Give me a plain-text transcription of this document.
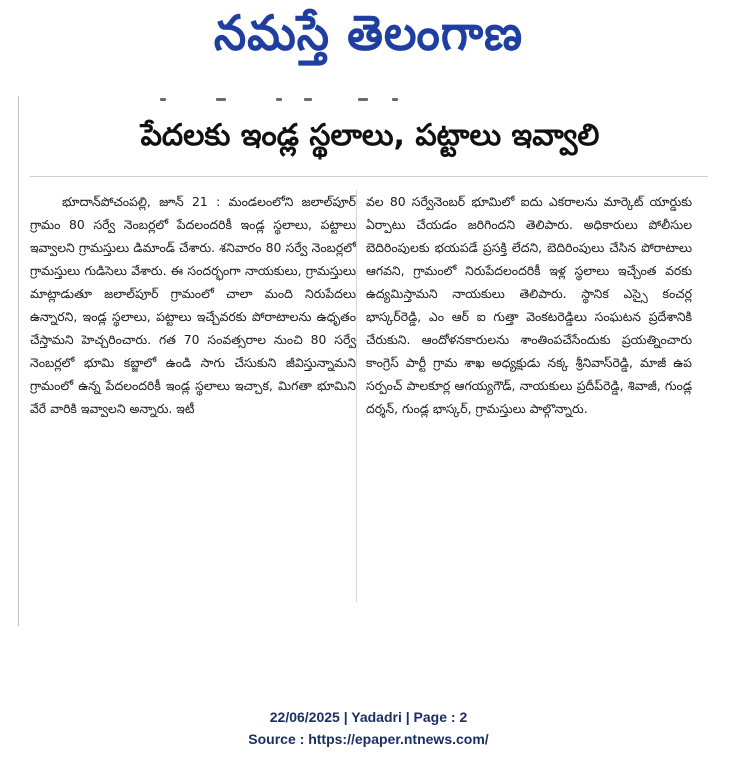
నమస్తే తెలంగాణ
పేదలకు ఇండ్ల స్థలాలు, పట్టాలు ఇవ్వాలి

భూదాన్‌పోచంపల్లి, జూన్ 21 : మండలంలోని జలాల్‌పూర్ గ్రామం 80 సర్వే నెంబర్లలో పేదలందరికీ ఇండ్ల స్థలాలు, పట్టాలు ఇవ్వాలని గ్రామస్తులు డిమాండ్ చేశారు. శనివారం 80 సర్వే నెంబర్లలో గ్రామస్తులు గుడిసెలు వేశారు. ఈ సందర్భంగా నాయకులు, గ్రామస్తులు మాట్లాడుతూ జలాల్‌పూర్ గ్రామంలో చాలా మంది నిరుపేదలు ఉన్నారని, ఇండ్ల స్థలాలు, పట్టాలు ఇచ్చేవరకు పోరాటాలను ఉధృతం చేస్తామని హెచ్చరించారు. గత 70 సంవత్సరాల నుంచి 80 సర్వే నెంబర్లలో భూమి కబ్జాలో ఉండి సాగు చేసుకుని జీవిస్తున్నామని గ్రామంలో ఉన్న పేదలందరికీ ఇండ్ల స్థలాలు ఇచ్చాక, మిగతా భూమిని వేరే వారికి ఇవ్వాలని అన్నారు. ఇటీ

వల 80 సర్వేనెంబర్ భూమిలో ఐదు ఎకరాలను మార్కెట్ యార్డుకు ఏర్పాటు చేయడం జరిగిందని తెలిపారు. అధికారులు పోలీసుల బెదిరింపులకు భయపడే ప్రసక్తి లేదని, బెదిరింపులు చేసిన పోరాటాలు ఆగవని, గ్రామంలో నిరుపేదలందరికీ ఇళ్ల స్థలాలు ఇచ్చేంత వరకు ఉద్యమిస్తామని నాయకులు తెలిపారు. స్థానిక ఎస్సై కంచర్ల భాస్కర్‌రెడ్డి, ఎం ఆర్ ఐ గుత్తా వెంకటరెడ్డిలు సంఘటన ప్రదేశానికి చేరుకుని. ఆందోళనకారులను శాంతింపచేసేందుకు ప్రయత్నించారు కాంగ్రెస్ పార్టీ గ్రామ శాఖ అధ్యక్షుడు నక్క శ్రీనివాస్‌రెడ్డి, మాజీ ఉప సర్పంచ్ పాలకూర్ల ఆగయ్యగౌడ్, నాయకులు ప్రదీప్‌రెడ్డి, శివాజీ, గుండ్ల దర్శన్, గుండ్ల భాస్కర్, గ్రామస్తులు పాల్గొన్నారు.

22/06/2025 | Yadadri | Page : 2
Source : https://epaper.ntnews.com/
